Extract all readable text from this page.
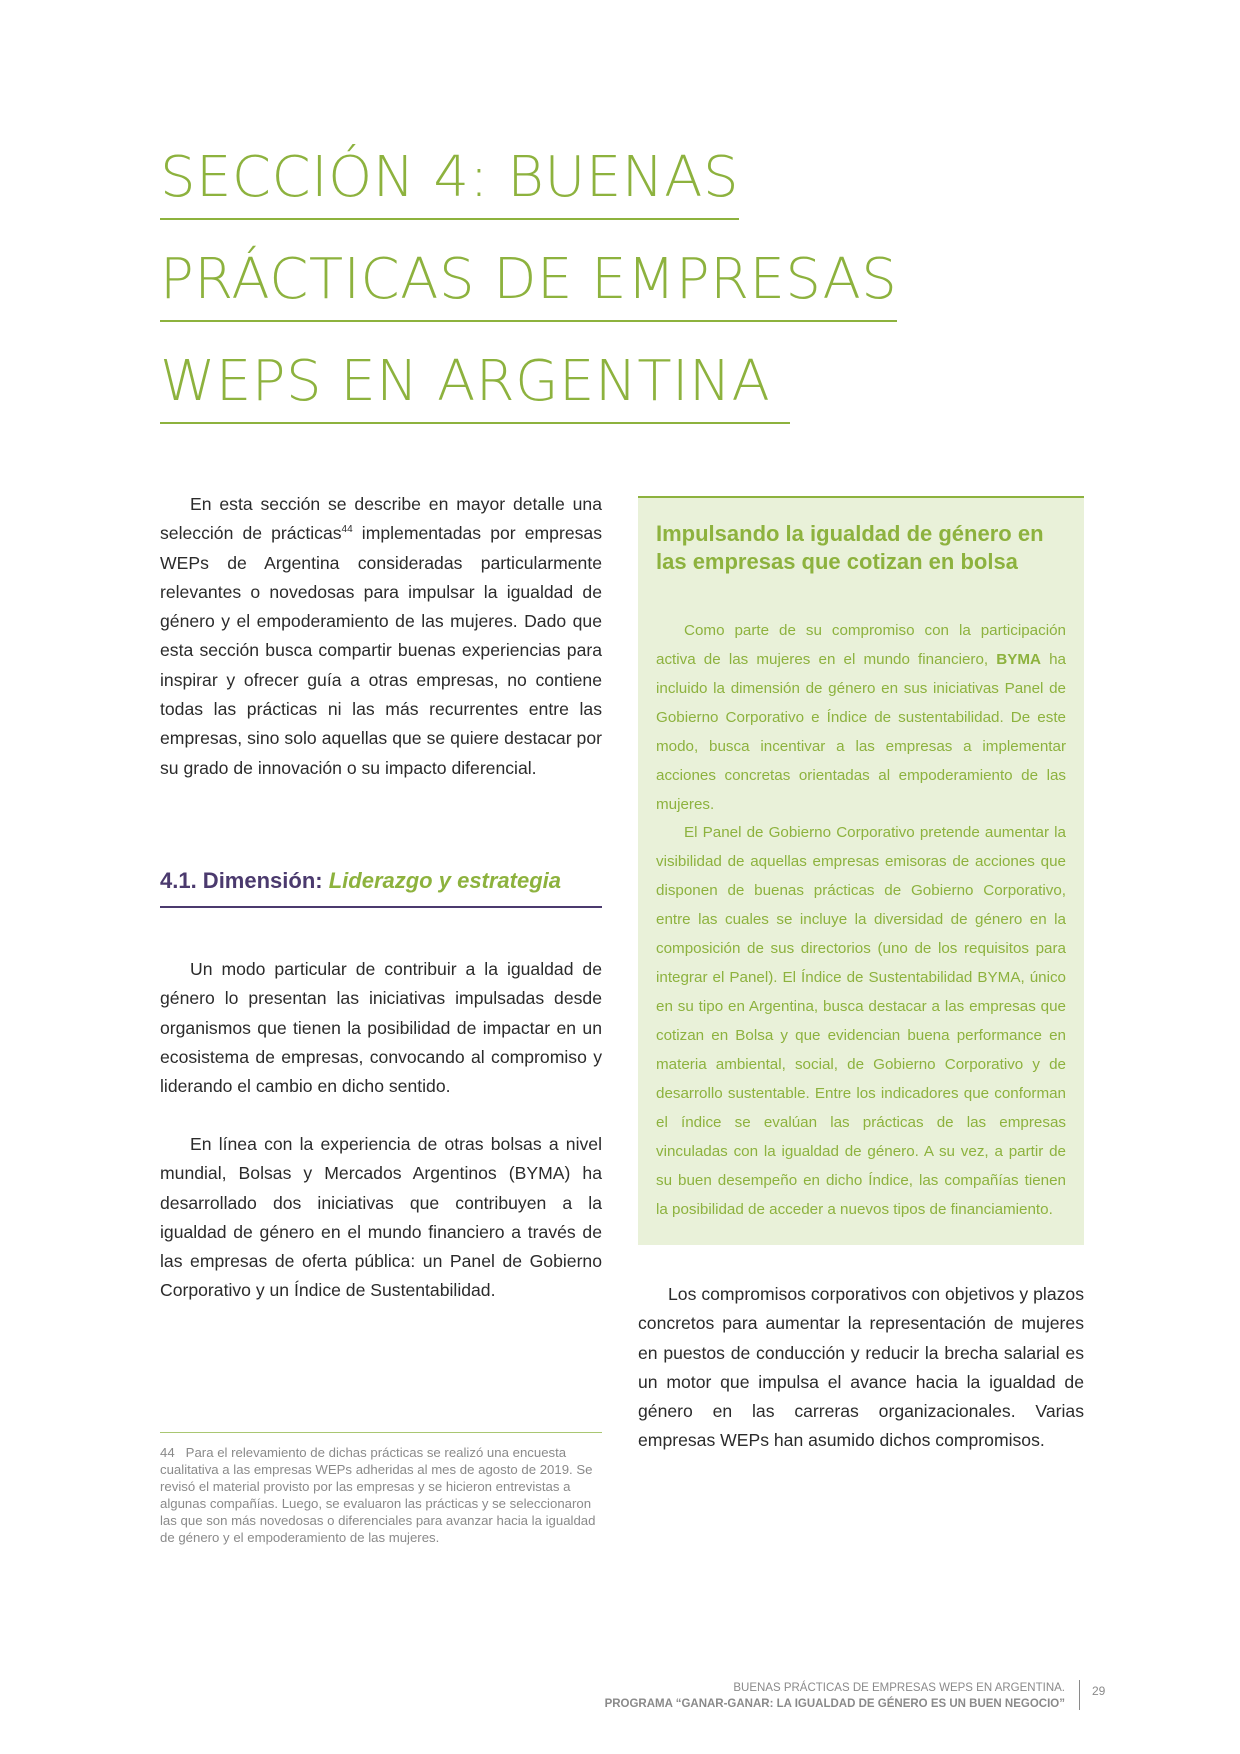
SECCIÓN 4: BUENAS
PRÁCTICAS DE EMPRESAS
WEPS EN ARGENTINA

En esta sección se describe en mayor detalle una selección de prácticas$^{44}$ implementadas por empresas WEPs de Argentina consideradas particularmente relevantes o novedosas para impulsar la igualdad de género y el empoderamiento de las mujeres. Dado que esta sección busca compartir buenas experiencias para inspirar y ofrecer guía a otras empresas, no contiene todas las prácticas ni las más recurrentes entre las empresas, sino solo aquellas que se quiere destacar por su grado de innovación o su impacto diferencial.

4.1. Dimensión: Liderazgo y estrategia

Un modo particular de contribuir a la igualdad de género lo presentan las iniciativas impulsadas desde organismos que tienen la posibilidad de impactar en un ecosistema de empresas, convocando al compromiso y liderando el cambio en dicho sentido.

En línea con la experiencia de otras bolsas a nivel mundial, Bolsas y Mercados Argentinos (BYMA) ha desarrollado dos iniciativas que contribuyen a la igualdad de género en el mundo financiero a través de las empresas de oferta pública: un Panel de Gobierno Corporativo y un Índice de Sustentabilidad.

Impulsando la igualdad de género en las empresas que cotizan en bolsa

Como parte de su compromiso con la participación activa de las mujeres en el mundo financiero, BYMA ha incluido la dimensión de género en sus iniciativas Panel de Gobierno Corporativo e Índice de sustentabilidad. De este modo, busca incentivar a las empresas a implementar acciones concretas orientadas al empoderamiento de las mujeres.

El Panel de Gobierno Corporativo pretende aumentar la visibilidad de aquellas empresas emisoras de acciones que disponen de buenas prácticas de Gobierno Corporativo, entre las cuales se incluye la diversidad de género en la composición de sus directorios (uno de los requisitos para integrar el Panel). El Índice de Sustentabilidad BYMA, único en su tipo en Argentina, busca destacar a las empresas que cotizan en Bolsa y que evidencian buena performance en materia ambiental, social, de Gobierno Corporativo y de desarrollo sustentable. Entre los indicadores que conforman el índice se evalúan las prácticas de las empresas vinculadas con la igualdad de género. A su vez, a partir de su buen desempeño en dicho Índice, las compañías tienen la posibilidad de acceder a nuevos tipos de financiamiento.

Los compromisos corporativos con objetivos y plazos concretos para aumentar la representación de mujeres en puestos de conducción y reducir la brecha salarial es un motor que impulsa el avance hacia la igualdad de género en las carreras organizacionales. Varias empresas WEPs han asumido dichos compromisos.

44 Para el relevamiento de dichas prácticas se realizó una encuesta cualitativa a las empresas WEPs adheridas al mes de agosto de 2019. Se revisó el material provisto por las empresas y se hicieron entrevistas a algunas compañías. Luego, se evaluaron las prácticas y se seleccionaron las que son más novedosas o diferenciales para avanzar hacia la igualdad de género y el empoderamiento de las mujeres.
BUENAS PRÁCTICAS DE EMPRESAS WEPS EN ARGENTINA.
PROGRAMA “GANAR-GANAR: LA IGUALDAD DE GÉNERO ES UN BUEN NEGOCIO”
29
